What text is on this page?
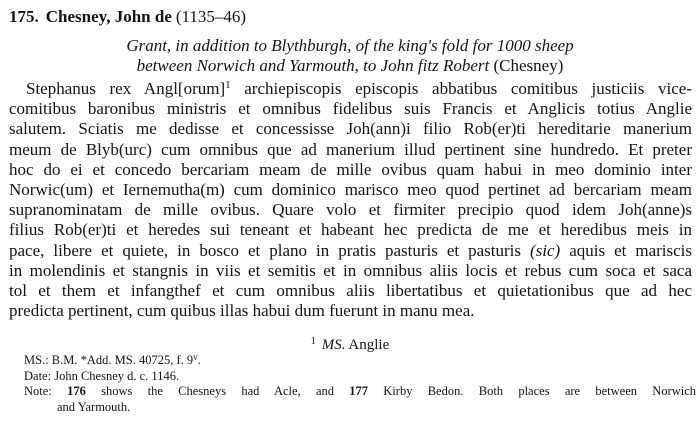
175. Chesney, John de (1135–46)
Grant, in addition to Blythburgh, of the king's fold for 1000 sheep
between Norwich and Yarmouth, to John fitz Robert (Chesney)
Stephanus rex Angl[orum]$^1$ archiepiscopis episcopis abbatibus comitibus justiciis vice-
comitibus baronibus ministris et omnibus fidelibus suis Francis et Anglicis totius Anglie
salutem. Sciatis me dedisse et concessisse Joh(ann)i filio Rob(er)ti hereditarie manerium
meum de Blyb(urc) cum omnibus que ad manerium illud pertinent sine hundredo. Et preter
hoc do ei et concedo bercariam meam de mille ovibus quam habui in meo dominio inter
Norwic(um) et Iernemutha(m) cum dominico marisco meo quod pertinet ad bercariam meam
supranominatam de mille ovibus. Quare volo et firmiter precipio quod idem Joh(anne)s
filius Rob(er)ti et heredes sui teneant et habeant hec predicta de me et heredibus meis in
pace, libere et quiete, in bosco et plano in pratis pasturis et pasturis (sic) aquis et mariscis
in molendinis et stangnis in viis et semitis et in omnibus aliis locis et rebus cum soca et saca
tol et them et infangthef et cum omnibus aliis libertatibus et quietationibus que ad hec
predicta pertinent, cum quibus illas habui dum fuerunt in manu mea.
$^1$ MS. Anglie
MS.: B.M. *Add. MS. 40725, f. 9$^v$.
Date: John Chesney d. c. 1146.
Note: 176 shows the Chesneys had Acle, and 177 Kirby Bedon. Both places are between Norwich
and Yarmouth.
